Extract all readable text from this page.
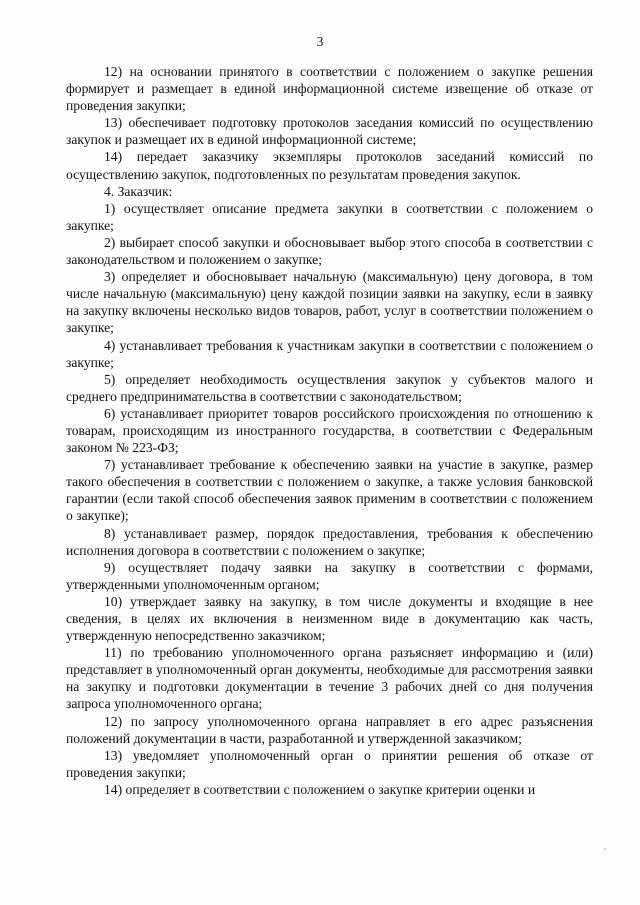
3

12) на основании принятого в соответствии с положением о закупке решения формирует и размещает в единой информационной системе извещение об отказе от проведения закупки;

13) обеспечивает подготовку протоколов заседания комиссий по осуществлению закупок и размещает их в единой информационной системе;

14) передает заказчику экземпляры протоколов заседаний комиссий по осуществлению закупок, подготовленных по результатам проведения закупок.

4. Заказчик:

1) осуществляет описание предмета закупки в соответствии с положением о закупке;

2) выбирает способ закупки и обосновывает выбор этого способа в соответствии с законодательством и положением о закупке;

3) определяет и обосновывает начальную (максимальную) цену договора, в том числе начальную (максимальную) цену каждой позиции заявки на закупку, если в заявку на закупку включены несколько видов товаров, работ, услуг в соответствии положением о закупке;

4) устанавливает требования к участникам закупки в соответствии с положением о закупке;

5) определяет необходимость осуществления закупок у субъектов малого и среднего предпринимательства в соответствии с законодательством;

6) устанавливает приоритет товаров российского происхождения по отношению к товарам, происходящим из иностранного государства, в соответствии с Федеральным законом № 223-ФЗ;

7) устанавливает требование к обеспечению заявки на участие в закупке, размер такого обеспечения в соответствии с положением о закупке, а также условия банковской гарантии (если такой способ обеспечения заявок применим в соответствии с положением о закупке);

8) устанавливает размер, порядок предоставления, требования к обеспечению исполнения договора в соответствии с положением о закупке;

9) осуществляет подачу заявки на закупку в соответствии с формами, утвержденными уполномоченным органом;

10) утверждает заявку на закупку, в том числе документы и входящие в нее сведения, в целях их включения в неизменном виде в документацию как часть, утвержденную непосредственно заказчиком;

11) по требованию уполномоченного органа разъясняет информацию и (или) представляет в уполномоченный орган документы, необходимые для рассмотрения заявки на закупку и подготовки документации в течение 3 рабочих дней со дня получения запроса уполномоченного органа;

12) по запросу уполномоченного органа направляет в его адрес разъяснения положений документации в части, разработанной и утвержденной заказчиком;

13) уведомляет уполномоченный орган о принятии решения об отказе от проведения закупки;

14) определяет в соответствии с положением о закупке критерии оценки и
